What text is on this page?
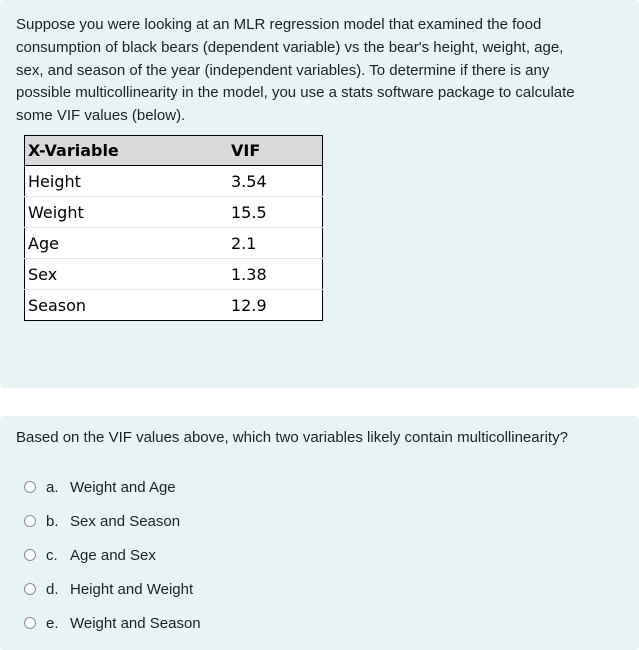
Suppose you were looking at an MLR regression model that examined the food
consumption of black bears (dependent variable) vs the bear's height, weight, age,
sex, and season of the year (independent variables). To determine if there is any
possible multicollinearity in the model, you use a stats software package to calculate
some VIF values (below).
X-Variable	VIF
Height	3.54
Weight	15.5
Age	2.1
Sex	1.38
Season	12.9
Based on the VIF values above, which two variables likely contain multicollinearity?
a. Weight and Age
b. Sex and Season
c. Age and Sex
d. Height and Weight
e. Weight and Season
